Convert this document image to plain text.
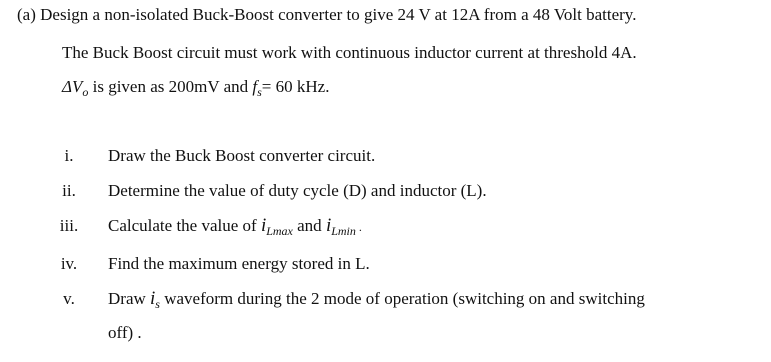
(a) Design a non-isolated Buck-Boost converter to give 24 V at 12A from a 48 Volt battery.
The Buck Boost circuit must work with continuous inductor current at threshold 4A.
$\Delta V_o$ is given as 200mV and $f_s= 60$ kHz.
i.	Draw the Buck Boost converter circuit.
ii.	Determine the value of duty cycle (D) and inductor (L).
iii.	Calculate the value of $i_{Lmax}$ and $i_{Lmin}$ .
iv.	Find the maximum energy stored in L.
v.	Draw $i_s$ waveform during the 2 mode of operation (switching on and switching
off) .
